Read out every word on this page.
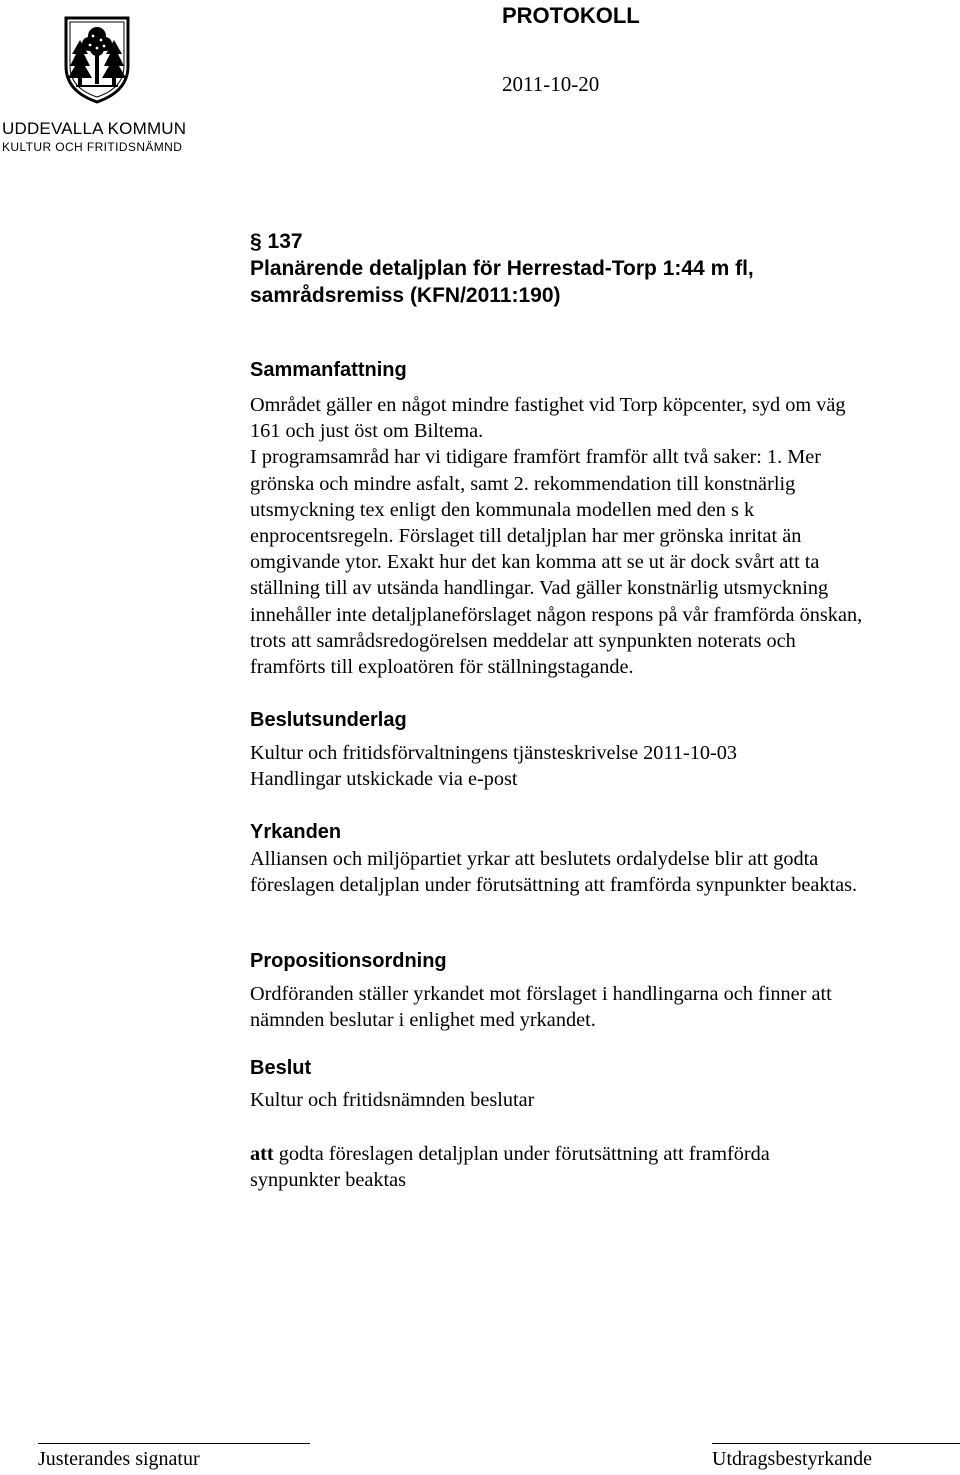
UDDEVALLA KOMMUN
KULTUR OCH FRITIDSNÄMND
PROTOKOLL
2011-10-20
§ 137
Planärende detaljplan för Herrestad-Torp 1:44 m fl,
samrådsremiss (KFN/2011:190)
Sammanfattning
Området gäller en något mindre fastighet vid Torp köpcenter, syd om väg
161 och just öst om Biltema.
I programsamråd har vi tidigare framfört framför allt två saker: 1. Mer
grönska och mindre asfalt, samt 2. rekommendation till konstnärlig
utsmyckning tex enligt den kommunala modellen med den s k
enprocentsregeln. Förslaget till detaljplan har mer grönska inritat än
omgivande ytor. Exakt hur det kan komma att se ut är dock svårt att ta
ställning till av utsända handlingar. Vad gäller konstnärlig utsmyckning
innehåller inte detaljplaneförslaget någon respons på vår framförda önskan,
trots att samrådsredogörelsen meddelar att synpunkten noterats och
framförts till exploatören för ställningstagande.
Beslutsunderlag
Kultur och fritidsförvaltningens tjänsteskrivelse 2011-10-03
Handlingar utskickade via e-post
Yrkanden
Alliansen och miljöpartiet yrkar att beslutets ordalydelse blir att godta
föreslagen detaljplan under förutsättning att framförda synpunkter beaktas.
Propositionsordning
Ordföranden ställer yrkandet mot förslaget i handlingarna och finner att
nämnden beslutar i enlighet med yrkandet.
Beslut
Kultur och fritidsnämnden beslutar
att godta föreslagen detaljplan under förutsättning att framförda
synpunkter beaktas
Justerandes signatur	Utdragsbestyrkande
